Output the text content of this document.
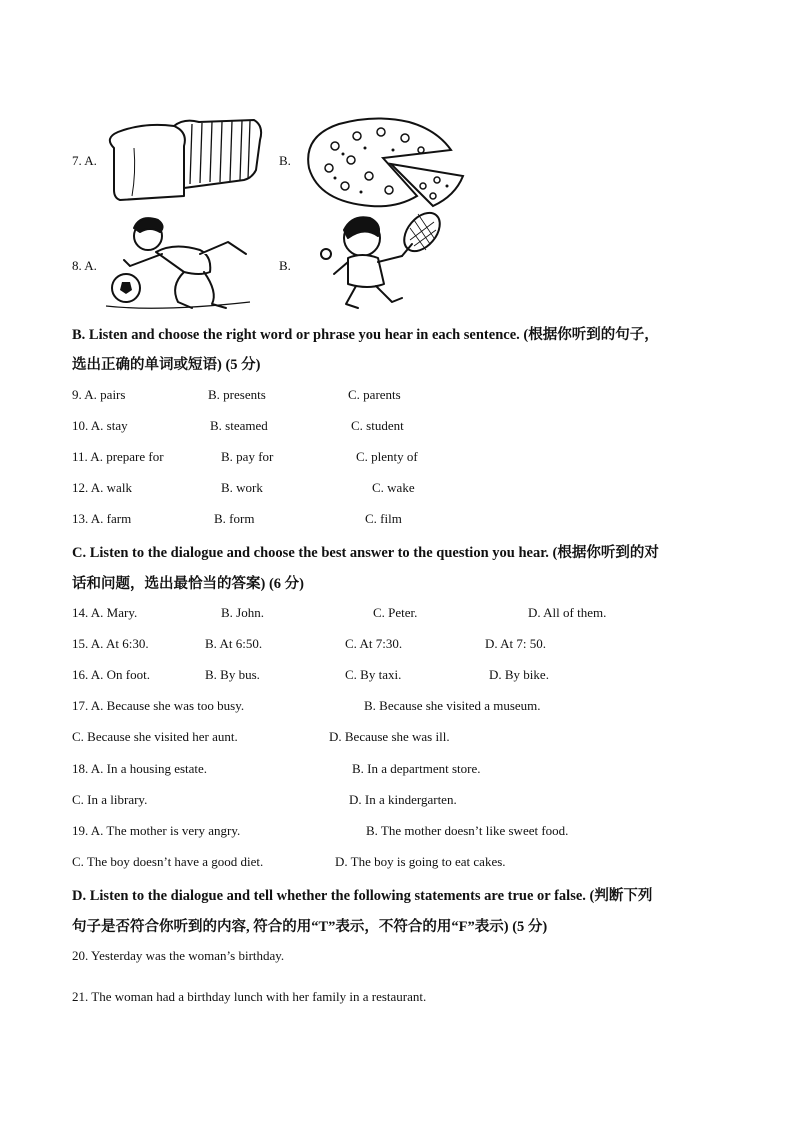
7. A.	B.
8. A.	B.
B. Listen and choose the right word or phrase you hear in each sentence. (根据你听到的句子，
选出正确的单词或短语) (5 分)
9. A. pairs	B. presents	C. parents
10. A. stay	B. steamed	C. student
11. A. prepare for	B. pay for	C. plenty of
12. A. walk	B. work	C. wake
13. A. farm	B. form	C. film
C. Listen to the dialogue and choose the best answer to the question you hear. (根据你听到的对
话和问题，选出最恰当的答案) (6 分)
14. A. Mary.	B. John.	C. Peter.	D. All of them.
15. A. At 6:30.	B. At 6:50.	C. At 7:30.	D. At 7: 50.
16. A. On foot.	B. By bus.	C. By taxi.	D. By bike.
17. A. Because she was too busy.	B. Because she visited a museum.
C. Because she visited her aunt.	D. Because she was ill.
18. A. In a housing estate.	B. In a department store.
C. In a library.	D. In a kindergarten.
19. A. The mother is very angry.	B. The mother doesn’t like sweet food.
C. The boy doesn’t have a good diet.	D. The boy is going to eat cakes.
D. Listen to the dialogue and tell whether the following statements are true or false. (判断下列
句子是否符合你听到的内容, 符合的用“T”表示，不符合的用“F”表示) (5 分)
20. Yesterday was the woman’s birthday.
21. The woman had a birthday lunch with her family in a restaurant.
